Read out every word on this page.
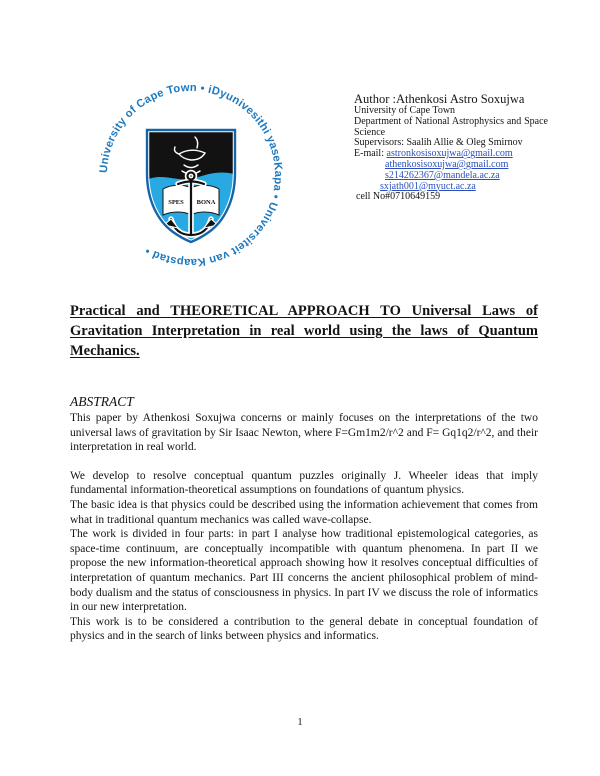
University of Cape Town • iDyunivesithi yaseKapa • Universiteit van Kaapstad •
SPES BONA
Author :Athenkosi Astro Soxujwa
University of Cape Town
Department of National Astrophysics and Space Science
Supervisors: Saalih Allie & Oleg Smirnov
E-mail: astronkosisoxujwa@gmail.com
athenkosisoxujwa@gmail.com
s214262367@mandela.ac.za
sxjath001@myuct.ac.za
cell No#0710649159
Practical and THEORETICAL APPROACH TO Universal Laws of Gravitation Interpretation in real world using the laws of Quantum Mechanics.
ABSTRACT

This paper by Athenkosi Soxujwa concerns or mainly focuses on the interpretations of the two universal laws of gravitation by Sir Isaac Newton, where F=Gm1m2/r^2 and F= Gq1q2/r^2, and their interpretation in real world.

We develop to resolve conceptual quantum puzzles originally J. Wheeler ideas that imply fundamental information-theoretical assumptions on foundations of quantum physics.

The basic idea is that physics could be described using the information achievement that comes from what in traditional quantum mechanics was called wave-collapse.

The work is divided in four parts: in part I analyse how traditional epistemological categories, as space-time continuum, are conceptually incompatible with quantum phenomena. In part II we propose the new information-theoretical approach showing how it resolves conceptual difficulties of interpretation of quantum mechanics. Part III concerns the ancient philosophical problem of mind-body dualism and the status of consciousness in physics. In part IV we discuss the role of informatics in our new interpretation.

This work is to be considered a contribution to the general debate in conceptual foundation of physics and in the search of links between physics and informatics.

1
